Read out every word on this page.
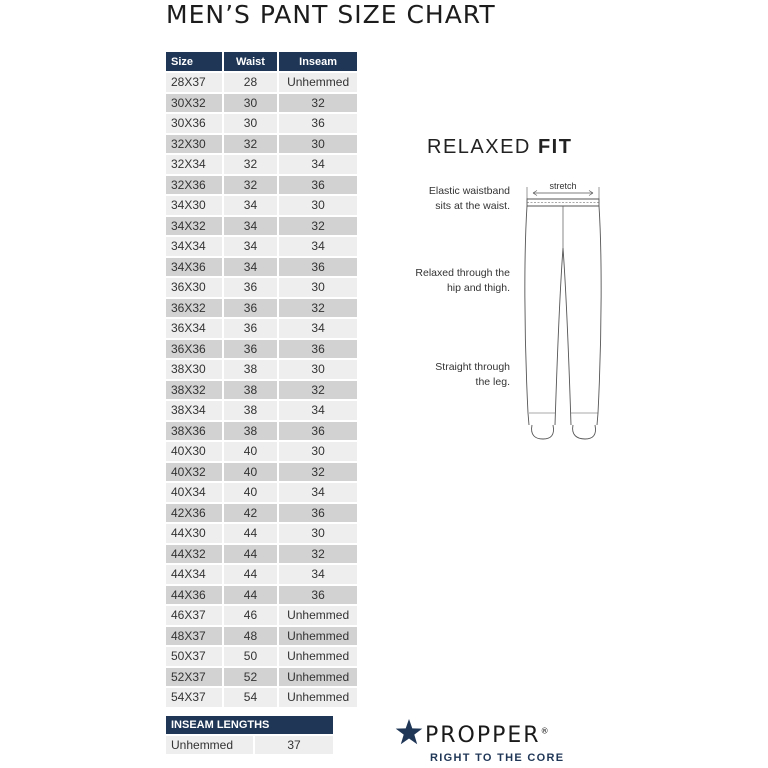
MEN’S PANT SIZE CHART
Size	Waist	Inseam
28X37	28	Unhemmed
30X32	30	32
30X36	30	36
32X30	32	30
32X34	32	34
32X36	32	36
34X30	34	30
34X32	34	32
34X34	34	34
34X36	34	36
36X30	36	30
36X32	36	32
36X34	36	34
36X36	36	36
38X30	38	30
38X32	38	32
38X34	38	34
38X36	38	36
40X30	40	30
40X32	40	32
40X34	40	34
42X36	42	36
44X30	44	30
44X32	44	32
44X34	44	34
44X36	44	36
46X37	46	Unhemmed
48X37	48	Unhemmed
50X37	50	Unhemmed
52X37	52	Unhemmed
54X37	54	Unhemmed
INSEAM LENGTHS
Unhemmed	37
RELAXED FIT
Elastic waistband
sits at the waist.
Relaxed through the
hip and thigh.
Straight through
the leg.
stretch
PROPPER®
RIGHT TO THE CORE
